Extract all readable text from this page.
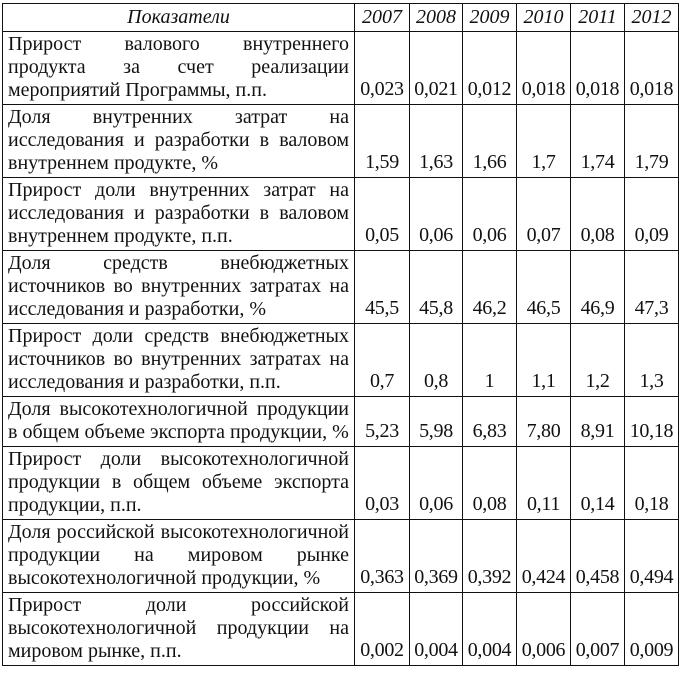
Показатели	2007	2008	2009	2010	2011	2012
Прирост валового внутреннего продукта за счет реализации мероприятий Программы, п.п.	0,023	0,021	0,012	0,018	0,018	0,018
Доля внутренних затрат на исследования и разработки в валовом внутреннем продукте, %	1,59	1,63	1,66	1,7	1,74	1,79
Прирост доли внутренних затрат на исследования и разработки в валовом внутреннем продукте, п.п.	0,05	0,06	0,06	0,07	0,08	0,09
Доля средств внебюджетных источников во внутренних затратах на исследования и разработки, %	45,5	45,8	46,2	46,5	46,9	47,3
Прирост доли средств внебюджетных источников во внутренних затратах на исследования и разработки, п.п.	0,7	0,8	1	1,1	1,2	1,3
Доля высокотехнологичной продукции в общем объеме экспорта продукции, %	5,23	5,98	6,83	7,80	8,91	10,18
Прирост доли высокотехнологичной продукции в общем объеме экспорта продукции, п.п.	0,03	0,06	0,08	0,11	0,14	0,18
Доля российской высокотехнологичной продукции на мировом рынке высокотехнологичной продукции, %	0,363	0,369	0,392	0,424	0,458	0,494
Прирост доли российской высокотехнологичной продукции на мировом рынке, п.п.	0,002	0,004	0,004	0,006	0,007	0,009
